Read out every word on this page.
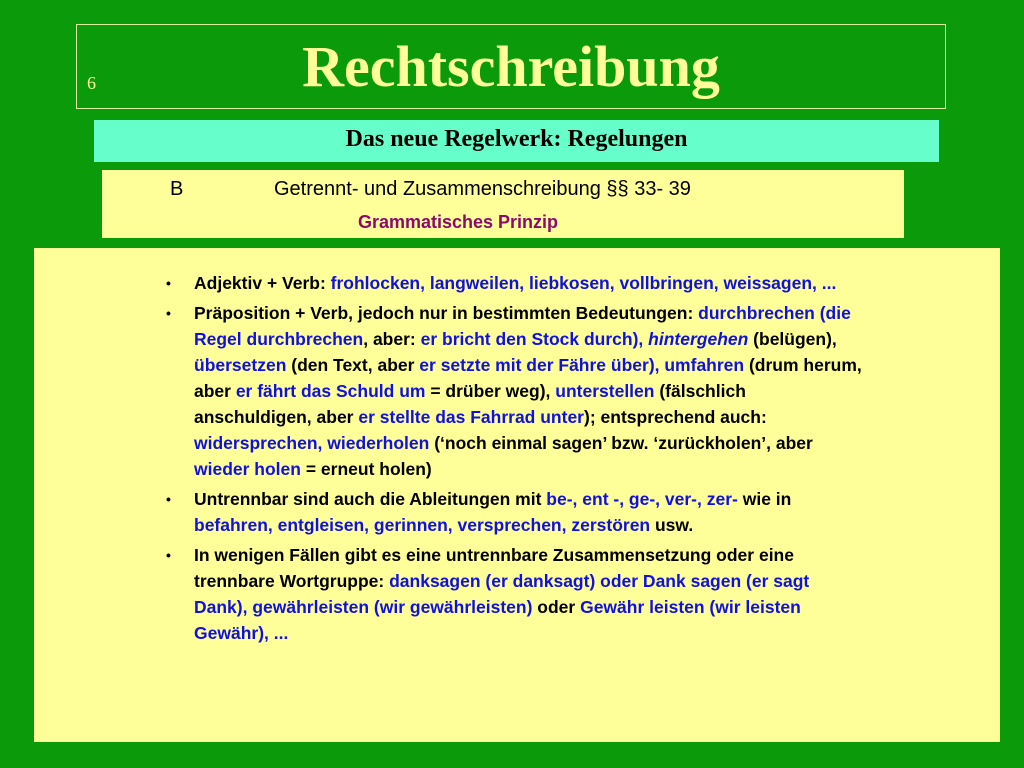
6	Rechtschreibung
Das neue Regelwerk: Regelungen
B	Getrennt- und Zusammenschreibung §§ 33- 39
Grammatisches Prinzip
• Adjektiv + Verb: frohlocken, langweilen, liebkosen, vollbringen, weissagen, ...
• Präposition + Verb, jedoch nur in bestimmten Bedeutungen: durchbrechen (die Regel durchbrechen, aber: er bricht den Stock durch), hintergehen (belügen), übersetzen (den Text, aber er setzte mit der Fähre über), umfahren (drum herum, aber er fährt das Schuld um = drüber weg), unterstellen (fälschlich anschuldigen, aber er stellte das Fahrrad unter); entsprechend auch: widersprechen, wiederholen (‘noch einmal sagen’ bzw. ‘zurückholen’, aber wieder holen = erneut holen)
• Untrennbar sind auch die Ableitungen mit be-, ent -, ge-, ver-, zer- wie in befahren, entgleisen, gerinnen, versprechen, zerstören usw.
• In wenigen Fällen gibt es eine untrennbare Zusammensetzung oder eine trennbare Wortgruppe: danksagen (er danksagt) oder Dank sagen (er sagt Dank), gewährleisten (wir gewährleisten) oder Gewähr leisten (wir leisten Gewähr), ...
